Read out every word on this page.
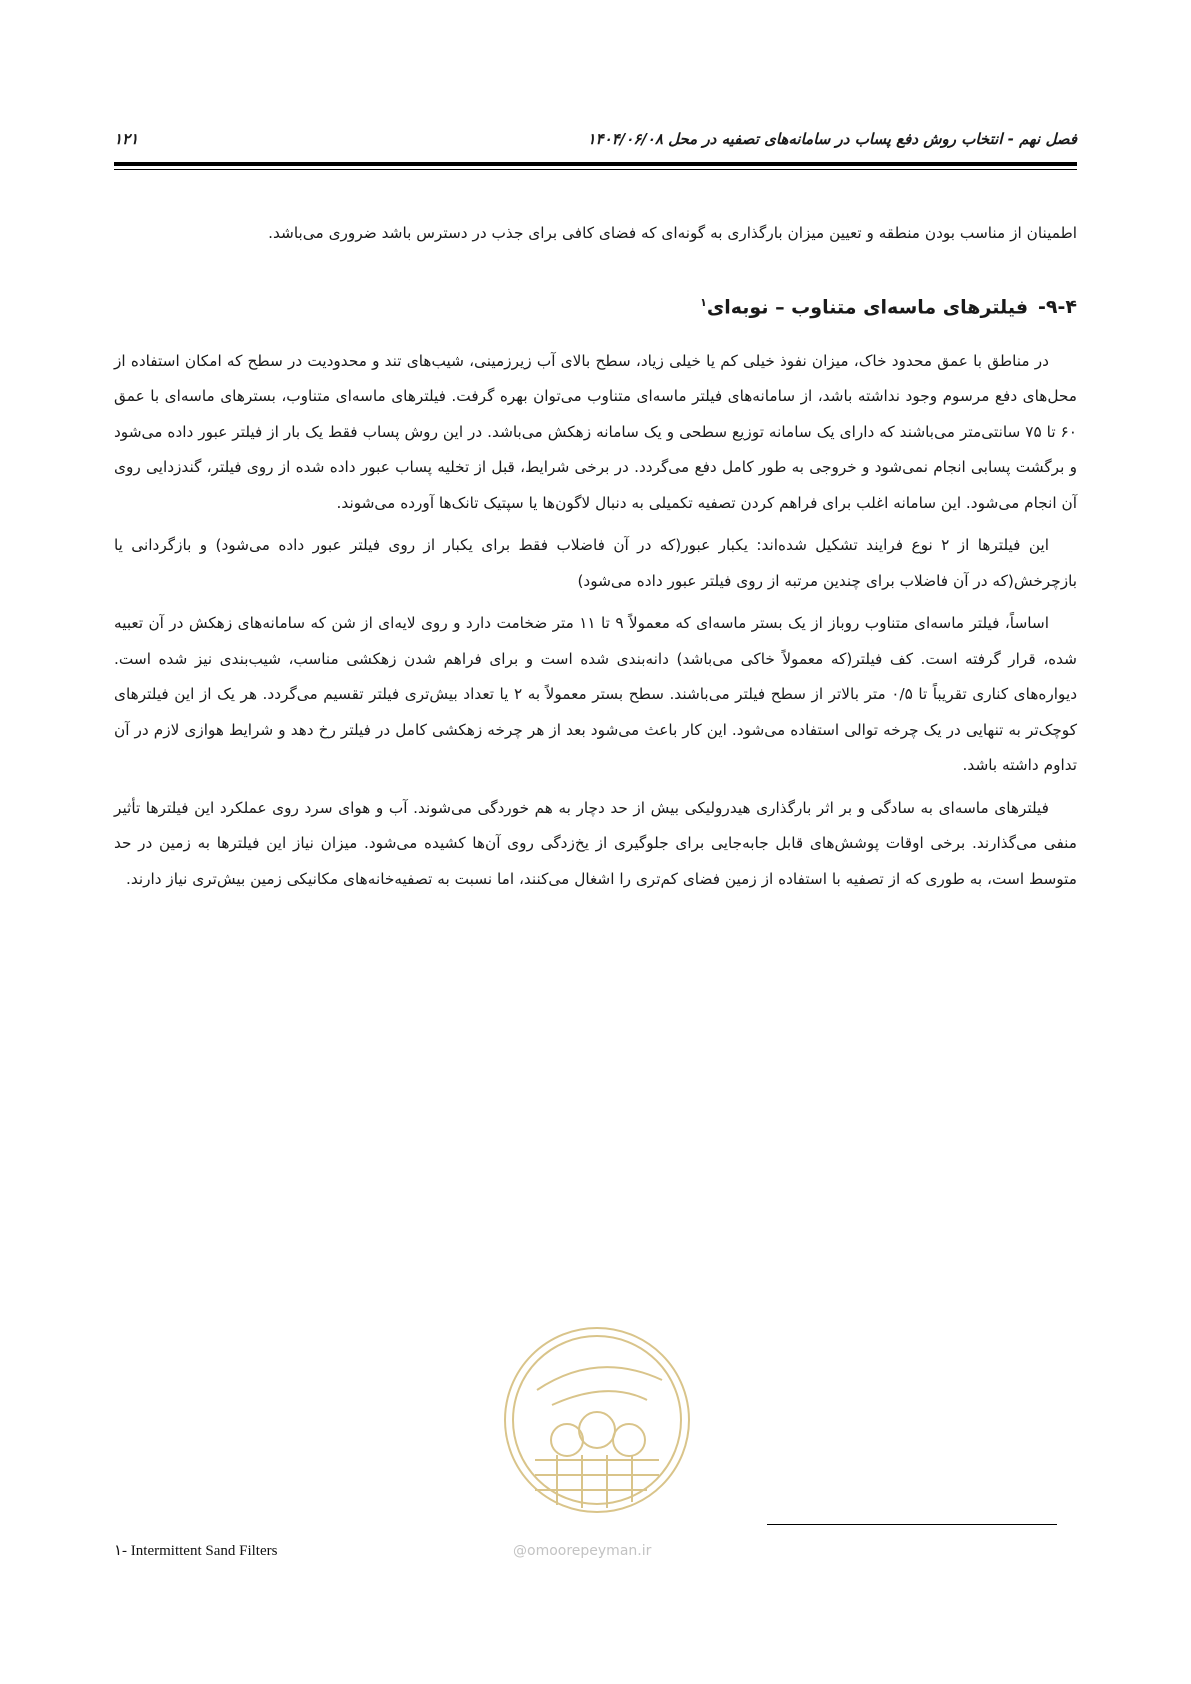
۱۲۱	فصل نهم - انتخاب روش دفع پساب در سامانه‌های تصفیه در محل ۱۴۰۴/۰۶/۰۸

اطمینان از مناسب بودن منطقه و تعیین میزان بارگذاری به گونه‌ای که فضای کافی برای جذب در دسترس باشد ضروری می‌باشد.

۹-۴-فیلترهای ماسه‌ای متناوب – نوبه‌ای$^۱$

در مناطق با عمق محدود خاک، میزان نفوذ خیلی کم یا خیلی زیاد، سطح بالای آب زیرزمینی، شیب‌های تند و محدودیت در سطح که امکان استفاده از محل‌های دفع مرسوم وجود نداشته باشد، از سامانه‌های فیلتر ماسه‌ای متناوب می‌توان بهره گرفت. فیلترهای ماسه‌ای متناوب، بسترهای ماسه‌ای با عمق ۶۰ تا ۷۵ سانتی‌متر می‌باشند که دارای یک سامانه توزیع سطحی و یک سامانه زهکش می‌باشد. در این روش پساب فقط یک بار از فیلتر عبور داده می‌شود و برگشت پسابی انجام نمی‌شود و خروجی به طور کامل دفع می‌گردد. در برخی شرایط، قبل از تخلیه پساب عبور داده شده از روی فیلتر، گندزدایی روی آن انجام می‌شود. این سامانه اغلب برای فراهم کردن تصفیه تکمیلی به دنبال لاگون‌ها یا سپتیک تانک‌ها آورده می‌شوند.

این فیلترها از ۲ نوع فرایند تشکیل شده‌اند: یکبار عبور(که در آن فاضلاب فقط برای یکبار از روی فیلتر عبور داده می‌شود) و بازگردانی یا بازچرخش(که در آن فاضلاب برای چندین مرتبه از روی فیلتر عبور داده می‌شود)

اساساً، فیلتر ماسه‌ای متناوب روباز از یک بستر ماسه‌ای که معمولاً ۹ تا ۱۱ متر ضخامت دارد و روی لایه‌ای از شن که سامانه‌های زهکش در آن تعبیه شده، قرار گرفته است. کف فیلتر(که معمولاً خاکی می‌باشد) دانه‌بندی شده است و برای فراهم شدن زهکشی مناسب، شیب‌بندی نیز شده است. دیواره‌های کناری تقریباً تا ۰/۵ متر بالاتر از سطح فیلتر می‌باشند. سطح بستر معمولاً به ۲ یا تعداد بیش‌تری فیلتر تقسیم می‌گردد. هر یک از این فیلترهای کوچک‌تر به تنهایی در یک چرخه توالی استفاده می‌شود. این کار باعث می‌شود بعد از هر چرخه زهکشی کامل در فیلتر رخ دهد و شرایط هوازی لازم در آن تداوم داشته باشد.

فیلترهای ماسه‌ای به سادگی و بر اثر بارگذاری هیدرولیکی بیش از حد دچار به هم خوردگی می‌شوند. آب و هوای سرد روی عملکرد این فیلترها تأثیر منفی می‌گذارند. برخی اوقات پوشش‌های قابل جابه‌جایی برای جلوگیری از یخ‌زدگی روی آن‌ها کشیده می‌شود. میزان نیاز این فیلترها به زمین در حد متوسط است، به طوری که از تصفیه با استفاده از زمین فضای کم‌تری را اشغال می‌کنند، اما نسبت به تصفیه‌خانه‌های مکانیکی زمین بیش‌تری نیاز دارند.

@omoorepeyman.ir
۱- Intermittent Sand Filters
